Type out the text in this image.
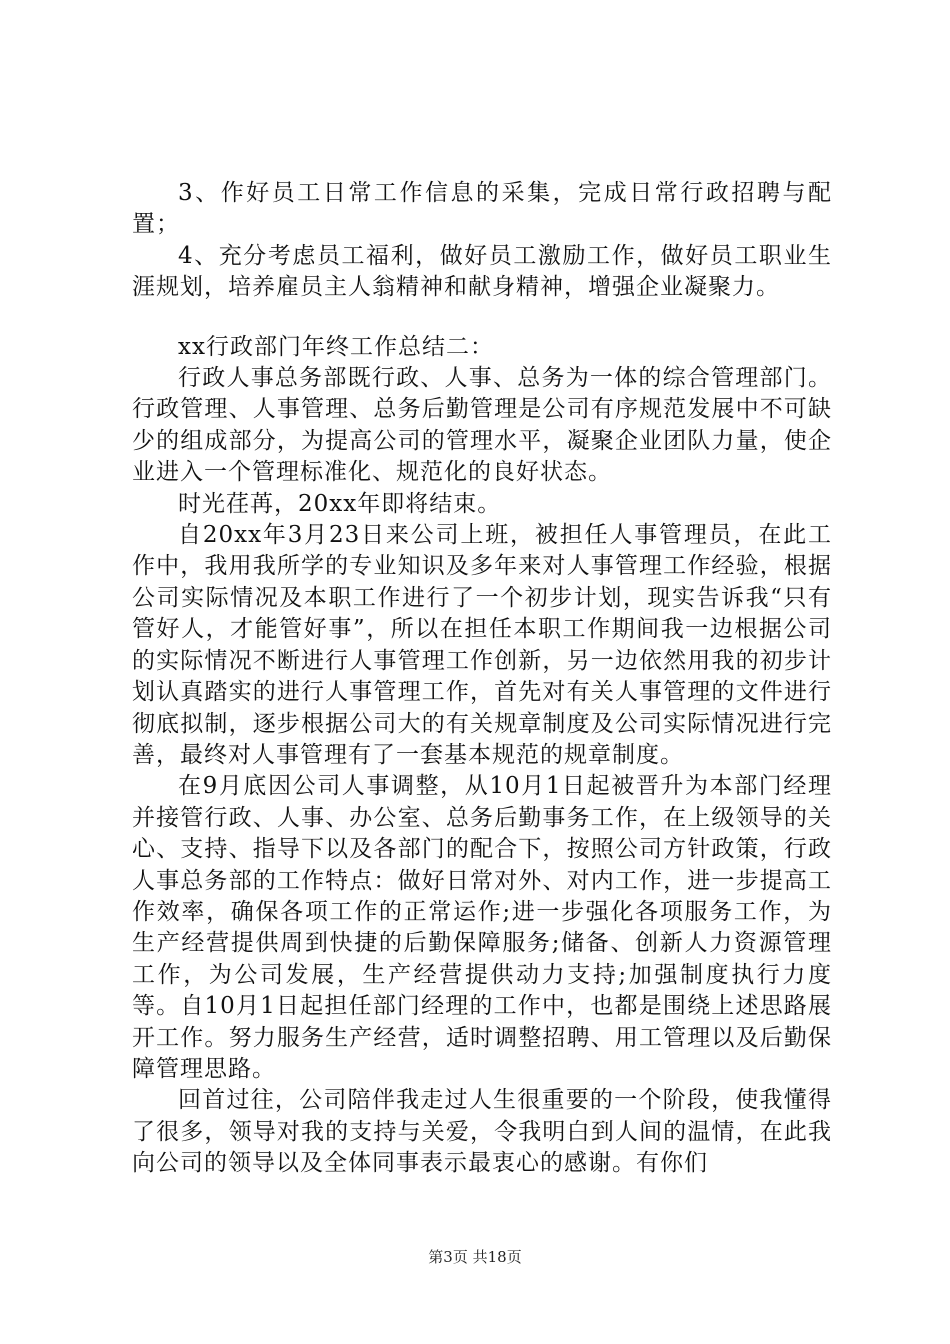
3、作好员工日常工作信息的采集，完成日常行政招聘与配置；

4、充分考虑员工福利，做好员工激励工作，做好员工职业生涯规划，培养雇员主人翁精神和献身精神，增强企业凝聚力。

xx行政部门年终工作总结二：

行政人事总务部既行政、人事、总务为一体的综合管理部门。行政管理、人事管理、总务后勤管理是公司有序规范发展中不可缺少的组成部分，为提高公司的管理水平，凝聚企业团队力量，使企业进入一个管理标准化、规范化的良好状态。

时光荏苒，20xx年即将结束。

自20xx年3月23日来公司上班，被担任人事管理员，在此工作中，我用我所学的专业知识及多年来对人事管理工作经验，根据公司实际情况及本职工作进行了一个初步计划，现实告诉我“只有管好人，才能管好事”，所以在担任本职工作期间我一边根据公司的实际情况不断进行人事管理工作创新，另一边依然用我的初步计划认真踏实的进行人事管理工作，首先对有关人事管理的文件进行彻底拟制，逐步根据公司大的有关规章制度及公司实际情况进行完善，最终对人事管理有了一套基本规范的规章制度。

在9月底因公司人事调整，从10月1日起被晋升为本部门经理并接管行政、人事、办公室、总务后勤事务工作，在上级领导的关心、支持、指导下以及各部门的配合下，按照公司方针政策，行政人事总务部的工作特点：做好日常对外、对内工作，进一步提高工作效率，确保各项工作的正常运作;进一步强化各项服务工作，为生产经营提供周到快捷的后勤保障服务;储备、创新人力资源管理工作，为公司发展，生产经营提供动力支持;加强制度执行力度等。自10月1日起担任部门经理的工作中，也都是围绕上述思路展开工作。努力服务生产经营，适时调整招聘、用工管理以及后勤保障管理思路。

回首过往，公司陪伴我走过人生很重要的一个阶段，使我懂得了很多，领导对我的支持与关爱，令我明白到人间的温情，在此我向公司的领导以及全体同事表示最衷心的感谢。有你们

第3页 共18页
